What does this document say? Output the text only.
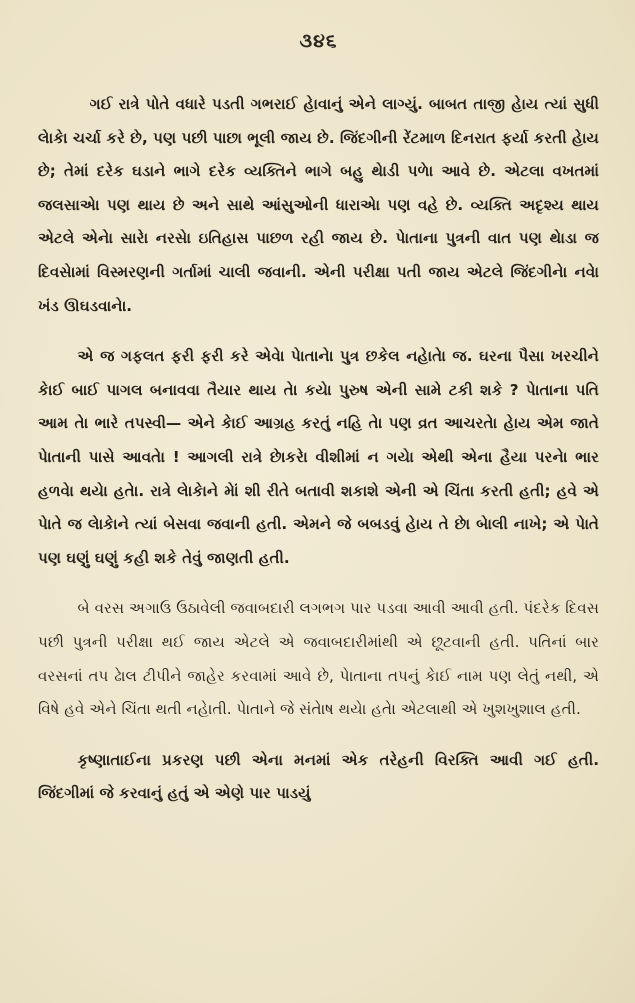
૩૪૬

ગઈ રાત્રે પોતે વધારે પડતી ગભરાઈ હેાવાનું એને લાગ્યું. બાબત તાજી હેાય ત્યાં સુધી લેાકેા ચર્ચા કરે છે, પણ પછી પાછા ભૂલી જાય છે. જિંદગીની રેંટમાળ દિનરાત ફર્યા કરતી હેાય છે; તેમાં દરેક ઘડાને ભાગે દરેક વ્યક્તિને ભાગે બહુ થેાડી પળેા આવે છે. એટલા વખતમાં જલસાએા પણ થાય છે અને સાથે આંસુઓની ધારાએા પણ વહે છે. વ્યક્તિ અદૃશ્ય થાય એટલે એનેા સારેા નરસેા ઇતિહાસ પાછળ રહી જાય છે. પેાતાના પુત્રની વાત પણ થેાડા જ દિવસેામાં વિસ્મરણની ગર્તામાં ચાલી જવાની. એની પરીક્ષા પતી જાય એટલે જિંદગીનેા નવેા ખંડ ઊઘડવાનેા.

એ જ ગફલત ફરી ફરી કરે એવેા પેાતાનેા પુત્ર છકેલ નહેાતેા જ. ઘરના પૈસા ખરચીને કેાઈ બાઈ પાગલ બનાવવા તૈયાર થાય તેા કયેા પુરુષ એની સામે ટકી શકે ? પેાતાના પતિ આમ તેા ભારે તપસ્વી— એને કેાઈ આગ્રહ કરતું નહિ તેા પણ વ્રત આચરતેા હેાય એમ જાતે પેાતાની પાસે આવતેા ! આગલી રાત્રે છેાકરેા વીશીમાં ન ગયેા એથી એના હૈયા પરનેા ભાર હળવેા થયેા હતેા. રાત્રે લેાકેાને મેાં શી રીતે બતાવી શકાશે એની એ ચિંતા કરતી હતી; હવે એ પેાતે જ લેાકેાને ત્યાં બેસવા જવાની હતી. એમને જે બબડવું હેાય તે છેા બેાલી નાખે; એ પેાતે પણ ઘણું ઘણું કહી શકે તેવું જાણતી હતી.

બે વરસ અગાઉ ઉઠાવેલી જવાબદારી લગભગ પાર પડવા આવી આવી હતી. પંદરેક દિવસ પછી પુત્રની પરીક્ષા થઈ જાય એટલે એ જવાબદારીમાંથી એ છૂટવાની હતી. પતિનાં બાર વરસનાં તપ ઢેાલ ટીપીને જાહેર કરવામાં આવે છે, પેાતાના તપનું કેાઈ નામ પણ લેતું નથી, એ વિષે હવે એને ચિંતા થતી નહેાતી. પેાતાને જે સંતેાષ થયેા હતેા એટલાથી એ ખુશખુશાલ હતી.

કૃષ્ણાતાઈના પ્રકરણ પછી એના મનમાં એક તરેહની વિરક્તિ આવી ગઈ હતી. જિંદગીમાં જે કરવાનું હતું એ એણે પાર પાડયું
